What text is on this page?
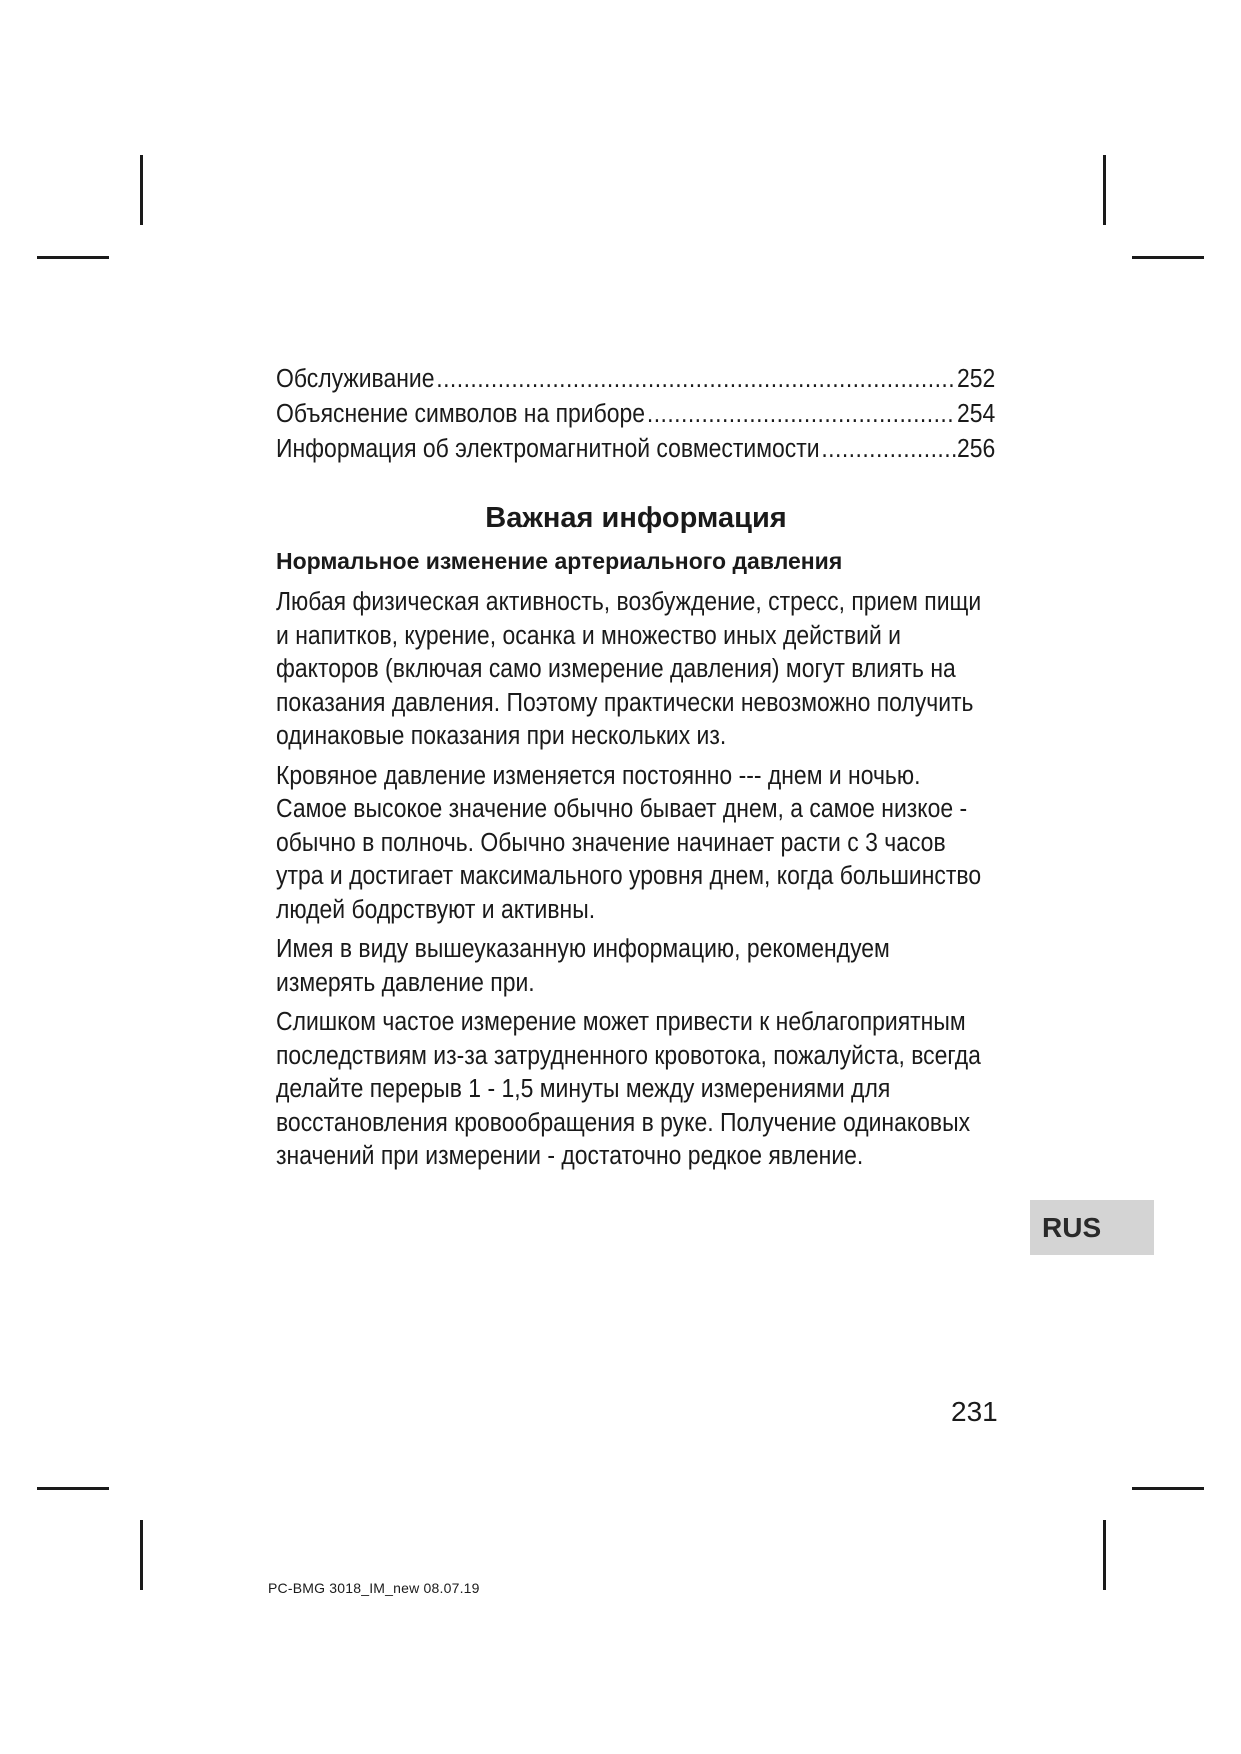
Обслуживание .....	252
Объяснение символов на приборе .....	254
Информация об электромагнитной совместимости .....	256
Важная информация
Нормальное изменение артериального давления

Любая физическая активность, возбуждение, стресс, прием пищи и напитков, курение, осанка и множество иных действий и факторов (включая само измерение давления) могут влиять на показания давления. Поэтому практически невозможно получить одинаковые показания при нескольких из.

Кровяное давление изменяется постоянно --- днем и ночью. Самое высокое значение обычно бывает днем, а самое низкое - обычно в полночь. Обычно значение начинает расти с 3 часов утра и достигает максимального уровня днем, когда большинство людей бодрствуют и активны.

Имея в виду вышеуказанную информацию, рекомендуем измерять давление при.

Слишком частое измерение может привести к неблагоприятным последствиям из-за затрудненного кровотока, пожалуйста, всегда делайте перерыв 1 - 1,5 минуты между измерениями для восстановления кровообращения в руке. Получение одинаковых значений при измерении - достаточно редкое явление.

RUS
231
PC-BMG 3018_IM_new 08.07.19
